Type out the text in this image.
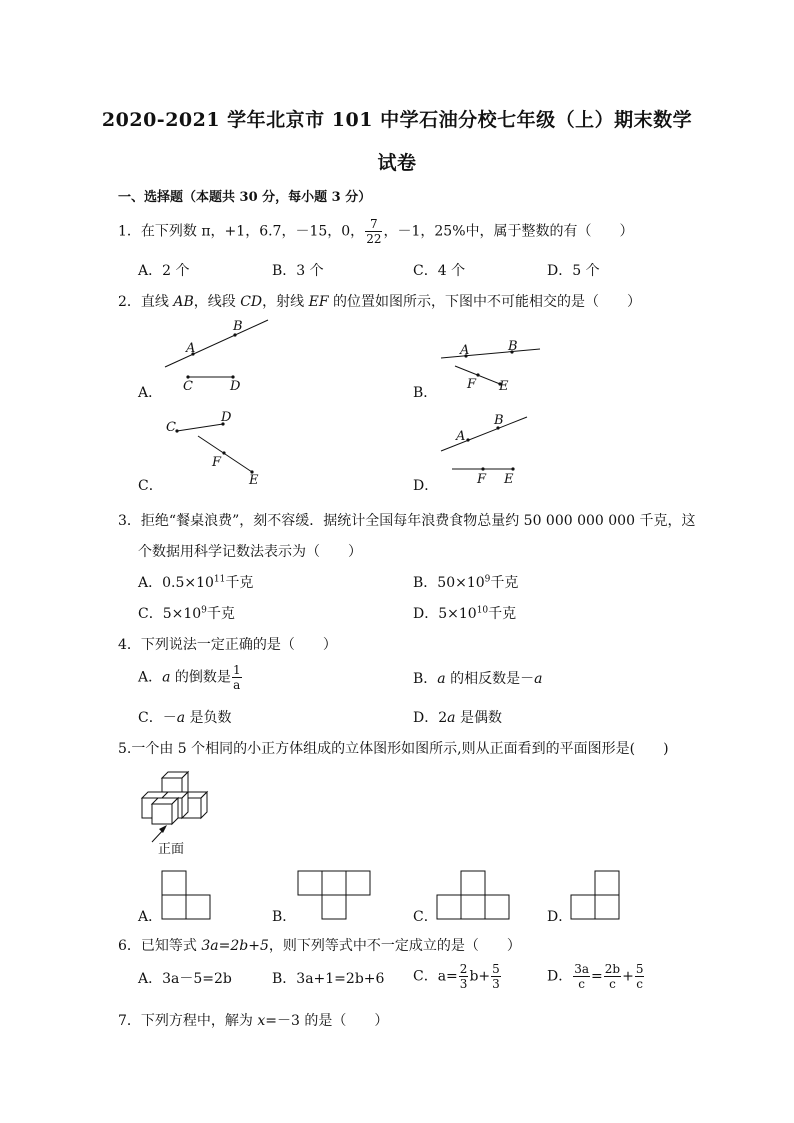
2020-2021 学年北京市 101 中学石油分校七年级（上）期末数学
试卷
一、选择题（本题共 30 分，每小题 3 分）
1．在下列数 π，+1，6.7，－15，0， $\frac{7}{22}$ ，－1，25%中，属于整数的有（　　）
A．2 个	B．3 个	C．4 个	D．5 个
2．直线 AB，线段 CD，射线 EF 的位置如图所示，下图中不可能相交的是（　　）
A
B
C	D
A	B
F E
C
D
F
E
A
B
F E
A．	B．
C．	D．
3．拒绝“餐桌浪费”，刻不容缓．据统计全国每年浪费食物总量约 50 000 000 000 千克，这
个数据用科学记数法表示为（　　）
A．$0.5\times 10^{11}$千克	B．$50\times 10^9$千克
C．$5\times 10^9$千克	D．$5\times 10^{10}$千克
4．下列说法一定正确的是（　　）
A．a 的倒数是 $\frac{1}{a}$	B．a 的相反数是－a
C．－a 是负数	D．2a 是偶数
5.一个由 5 个相同的小正方体组成的立体图形如图所示,则从正面看到的平面图形是(　　)
正面
A．	B．	C．	D．
6．已知等式 3a=2b+5，则下列等式中不一定成立的是（　　）
A．3a－5=2b	B．3a+1=2b+6 C．$a= \frac{2}{3} b+ \frac{5}{3}$	D． $\frac{3a}{c} = \frac{2b}{c} + \frac{5}{c}$
7．下列方程中，解为 x=－3 的是（　　）
